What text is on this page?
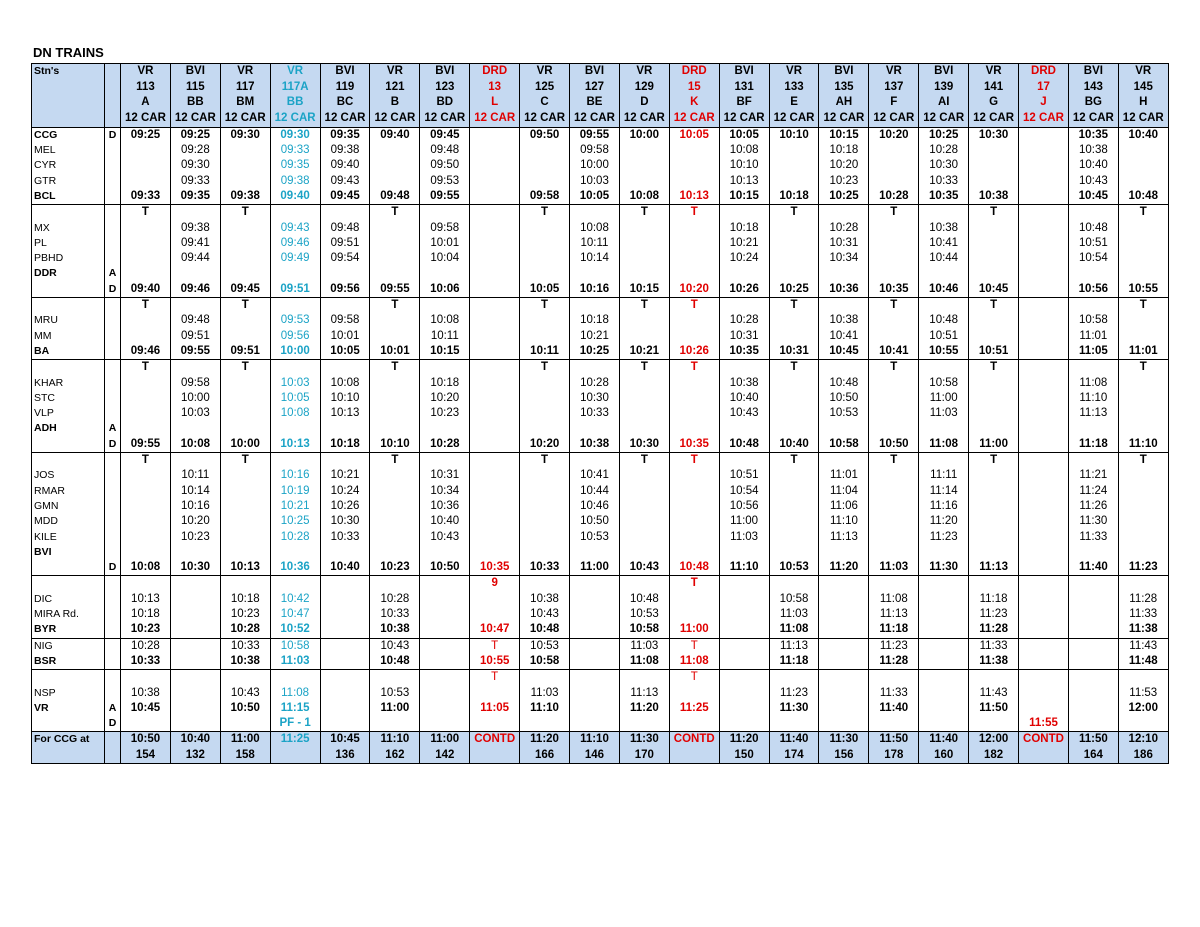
DN TRAINS
Stn's		VR	BVI	VR	VR	BVI	VR	BVI	DRD	VR	BVI	VR	DRD	BVI	VR	BVI	VR	BVI	VR	DRD	BVI	VR
		113	115	117	117A	119	121	123	13	125	127	129	15	131	133	135	137	139	141	17	143	145
		A	BB	BM	BB	BC	B	BD	L	C	BE	D	K	BF	E	AH	F	AI	G	J	BG	H
		12 CAR	12 CAR	12 CAR	12 CAR	12 CAR	12 CAR	12 CAR	12 CAR	12 CAR	12 CAR	12 CAR	12 CAR	12 CAR	12 CAR	12 CAR	12 CAR	12 CAR	12 CAR	12 CAR	12 CAR	12 CAR
CCG	D	09:25	09:25	09:30	09:30	09:35	09:40	09:45		09:50	09:55	10:00	10:05	10:05	10:10	10:15	10:20	10:25	10:30		10:35	10:40
MEL			09:28		09:33	09:38		09:48			09:58			10:08		10:18		10:28			10:38	
CYR			09:30		09:35	09:40		09:50			10:00			10:10		10:20		10:30			10:40	
GTR			09:33		09:38	09:43		09:53			10:03			10:13		10:23		10:33			10:43	
BCL		09:33	09:35	09:38	09:40	09:45	09:48	09:55		09:58	10:05	10:08	10:13	10:15	10:18	10:25	10:28	10:35	10:38		10:45	10:48
		T		T			T			T		T	T		T		T		T			T
MX			09:38		09:43	09:48		09:58			10:08			10:18		10:28		10:38			10:48	
PL			09:41		09:46	09:51		10:01			10:11			10:21		10:31		10:41			10:51	
PBHD			09:44		09:49	09:54		10:04			10:14			10:24		10:34		10:44			10:54	
DDR	A																					
	D	09:40	09:46	09:45	09:51	09:56	09:55	10:06		10:05	10:16	10:15	10:20	10:26	10:25	10:36	10:35	10:46	10:45		10:56	10:55
		T		T			T			T		T	T		T		T		T			T
MRU			09:48		09:53	09:58		10:08			10:18			10:28		10:38		10:48			10:58	
MM			09:51		09:56	10:01		10:11			10:21			10:31		10:41		10:51			11:01	
BA		09:46	09:55	09:51	10:00	10:05	10:01	10:15		10:11	10:25	10:21	10:26	10:35	10:31	10:45	10:41	10:55	10:51		11:05	11:01
		T		T			T			T		T	T		T		T		T			T
KHAR			09:58		10:03	10:08		10:18			10:28			10:38		10:48		10:58			11:08	
STC			10:00		10:05	10:10		10:20			10:30			10:40		10:50		11:00			11:10	
VLP			10:03		10:08	10:13		10:23			10:33			10:43		10:53		11:03			11:13	
ADH	A																					
	D	09:55	10:08	10:00	10:13	10:18	10:10	10:28		10:20	10:38	10:30	10:35	10:48	10:40	10:58	10:50	11:08	11:00		11:18	11:10
		T		T			T			T		T	T		T		T		T			T
JOS			10:11		10:16	10:21		10:31			10:41			10:51		11:01		11:11			11:21	
RMAR			10:14		10:19	10:24		10:34			10:44			10:54		11:04		11:14			11:24	
GMN			10:16		10:21	10:26		10:36			10:46			10:56		11:06		11:16			11:26	
MDD			10:20		10:25	10:30		10:40			10:50			11:00		11:10		11:20			11:30	
KILE			10:23		10:28	10:33		10:43			10:53			11:03		11:13		11:23			11:33	
BVI																						
	D	10:08	10:30	10:13	10:36	10:40	10:23	10:50	10:35	10:33	11:00	10:43	10:48	11:10	10:53	11:20	11:03	11:30	11:13		11:40	11:23
									9				T									
DIC		10:13		10:18	10:42		10:28			10:38		10:48			10:58		11:08		11:18			11:28
MIRA Rd.		10:18		10:23	10:47		10:33			10:43		10:53			11:03		11:13		11:23			11:33
BYR		10:23		10:28	10:52		10:38		10:47	10:48		10:58	11:00		11:08		11:18		11:28			11:38
NIG		10:28		10:33	10:58		10:43		T	10:53		11:03	T		11:13		11:23		11:33			11:43
BSR		10:33		10:38	11:03		10:48		10:55	10:58		11:08	11:08		11:18		11:28		11:38			11:48
									T				T									
NSP		10:38		10:43	11:08		10:53			11:03		11:13			11:23		11:33		11:43			11:53
VR	A	10:45		10:50	11:15		11:00		11:05	11:10		11:20	11:25		11:30		11:40		11:50			12:00
	D				PF - 1															11:55		
For CCG at		10:50	10:40	11:00	11:25	10:45	11:10	11:00	CONTD	11:20	11:10	11:30	CONTD	11:20	11:40	11:30	11:50	11:40	12:00	CONTD	11:50	12:10
		154	132	158		136	162	142		166	146	170		150	174	156	178	160	182		164	186
